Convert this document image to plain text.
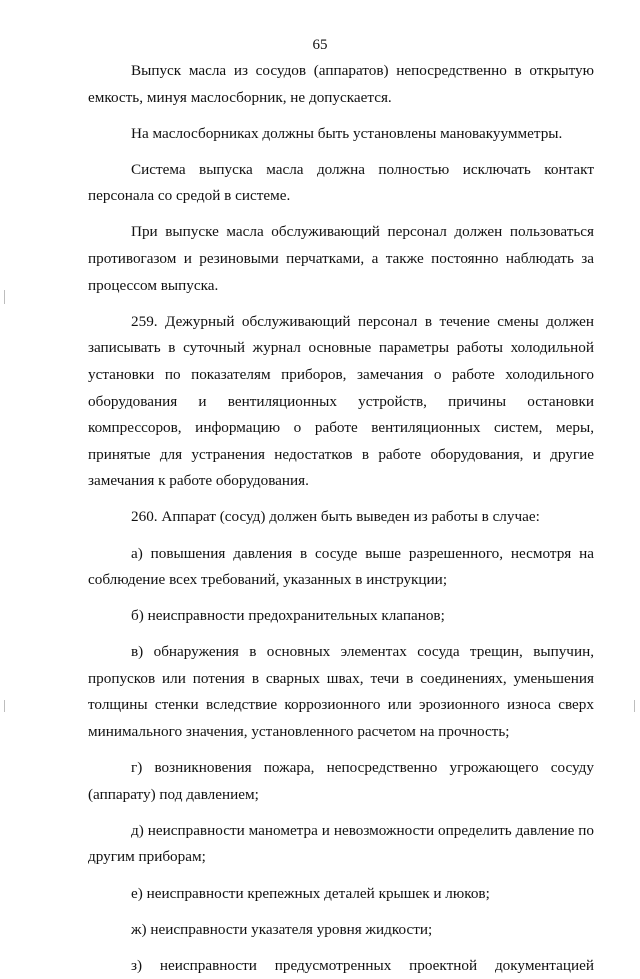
65

Выпуск масла из сосудов (аппаратов) непосредственно в открытую емкость, минуя маслосборник, не допускается.

На маслосборниках должны быть установлены мановакуумметры.

Система выпуска масла должна полностью исключать контакт персонала со средой в системе.

При выпуске масла обслуживающий персонал должен пользоваться противогазом и резиновыми перчатками, а также постоянно наблюдать за процессом выпуска.

259. Дежурный обслуживающий персонал в течение смены должен записывать в суточный журнал основные параметры работы холодильной установки по показателям приборов, замечания о работе холодильного оборудования и вентиляционных устройств, причины остановки компрессоров, информацию о работе вентиляционных систем, меры, принятые для устранения недостатков в работе оборудования, и другие замечания к работе оборудования.

260. Аппарат (сосуд) должен быть выведен из работы в случае:

а) повышения давления в сосуде выше разрешенного, несмотря на соблюдение всех требований, указанных в инструкции;

б) неисправности предохранительных клапанов;

в) обнаружения в основных элементах сосуда трещин, выпучин, пропусков или потения в сварных швах, течи в соединениях, уменьшения толщины стенки вследствие коррозионного или эрозионного износа сверх минимального значения, установленного расчетом на прочность;

г) возникновения пожара, непосредственно угрожающего сосуду (аппарату) под давлением;

д) неисправности манометра и невозможности определить давление по другим приборам;

е) неисправности крепежных деталей крышек и люков;

ж) неисправности указателя уровня жидкости;

з) неисправности предусмотренных проектной документацией
